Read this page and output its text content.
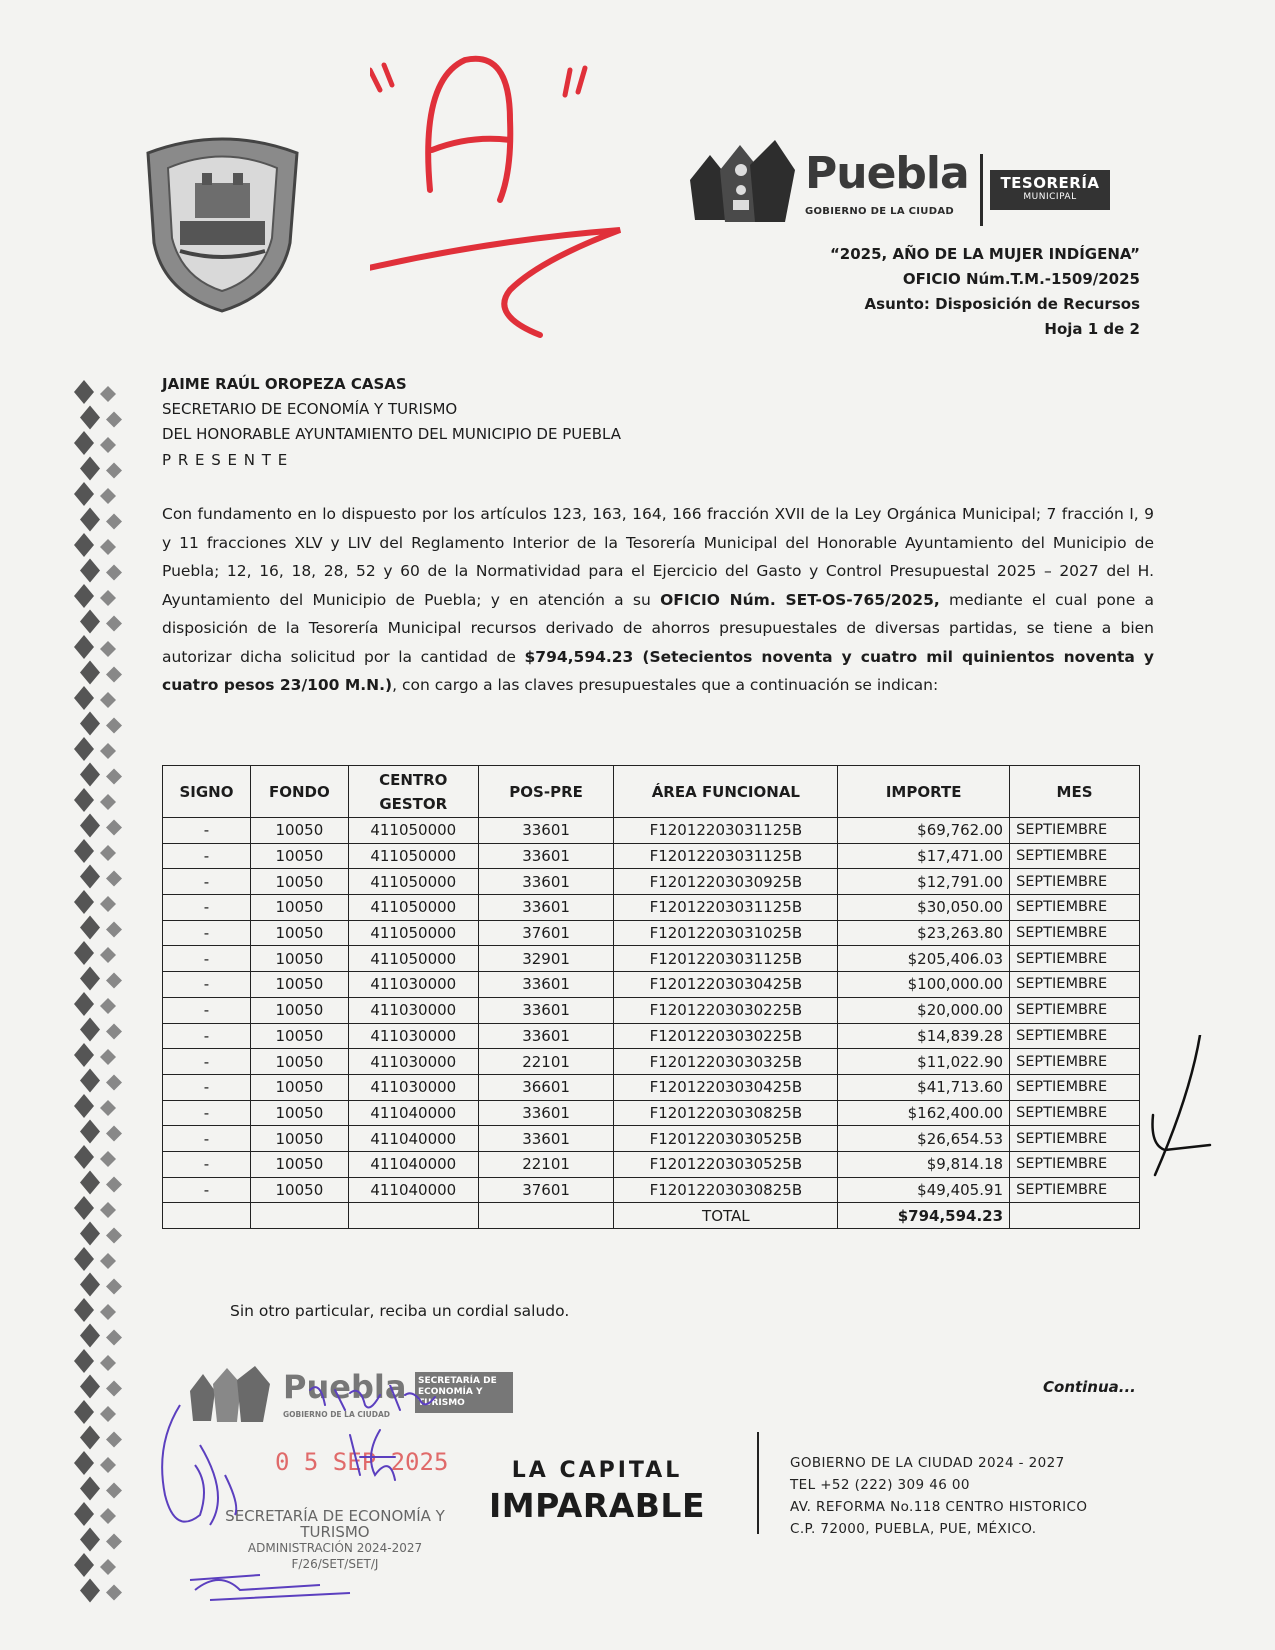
Puebla
GOBIERNO DE LA CIUDAD
TESORERÍA
MUNICIPAL
“2025, AÑO DE LA MUJER INDÍGENA”
OFICIO Núm.T.M.-1509/2025
Asunto: Disposición de Recursos
Hoja 1 de 2
JAIME RAÚL OROPEZA CASAS
SECRETARIO DE ECONOMÍA Y TURISMO
DEL HONORABLE AYUNTAMIENTO DEL MUNICIPIO DE PUEBLA
P R E S E N T E
Con fundamento en lo dispuesto por los artículos 123, 163, 164, 166 fracción XVII de la Ley Orgánica Municipal; 7 fracción I, 9 y 11 fracciones XLV y LIV del Reglamento Interior de la Tesorería Municipal del Honorable Ayuntamiento del Municipio de Puebla; 12, 16, 18, 28, 52 y 60 de la Normatividad para el Ejercicio del Gasto y Control Presupuestal 2025 – 2027 del H. Ayuntamiento del Municipio de Puebla; y en atención a su OFICIO Núm. SET-OS-765/2025, mediante el cual pone a disposición de la Tesorería Municipal recursos derivado de ahorros presupuestales de diversas partidas, se tiene a bien autorizar dicha solicitud por la cantidad de $794,594.23 (Setecientos noventa y cuatro mil quinientos noventa y cuatro pesos 23/100 M.N.), con cargo a las claves presupuestales que a continuación se indican:
SIGNO	FONDO	CENTRO GESTOR	POS-PRE	ÁREA FUNCIONAL	IMPORTE	MES
-	10050	411050000	33601	F12012203031125B	$69,762.00	SEPTIEMBRE
-	10050	411050000	33601	F12012203031125B	$17,471.00	SEPTIEMBRE
-	10050	411050000	33601	F12012203030925B	$12,791.00	SEPTIEMBRE
-	10050	411050000	33601	F12012203031125B	$30,050.00	SEPTIEMBRE
-	10050	411050000	37601	F12012203031025B	$23,263.80	SEPTIEMBRE
-	10050	411050000	32901	F12012203031125B	$205,406.03	SEPTIEMBRE
-	10050	411030000	33601	F12012203030425B	$100,000.00	SEPTIEMBRE
-	10050	411030000	33601	F12012203030225B	$20,000.00	SEPTIEMBRE
-	10050	411030000	33601	F12012203030225B	$14,839.28	SEPTIEMBRE
-	10050	411030000	22101	F12012203030325B	$11,022.90	SEPTIEMBRE
-	10050	411030000	36601	F12012203030425B	$41,713.60	SEPTIEMBRE
-	10050	411040000	33601	F12012203030825B	$162,400.00	SEPTIEMBRE
-	10050	411040000	33601	F12012203030525B	$26,654.53	SEPTIEMBRE
-	10050	411040000	22101	F12012203030525B	$9,814.18	SEPTIEMBRE
-	10050	411040000	37601	F12012203030825B	$49,405.91	SEPTIEMBRE
				TOTAL	$794,594.23	
Sin otro particular, reciba un cordial saludo.
Continua...
Puebla
GOBIERNO DE LA CIUDAD
SECRETARÍA DE ECONOMÍA Y TURISMO
0 5 SEP 2025
SECRETARÍA DE ECONOMÍA Y TURISMO
ADMINISTRACIÓN 2024-2027
F/26/SET/SET/J
LA CAPITAL
IMPARABLE
GOBIERNO DE LA CIUDAD 2024 - 2027
TEL +52 (222) 309 46 00
AV. REFORMA No.118 CENTRO HISTORICO
C.P. 72000, PUEBLA, PUE, MÉXICO.
